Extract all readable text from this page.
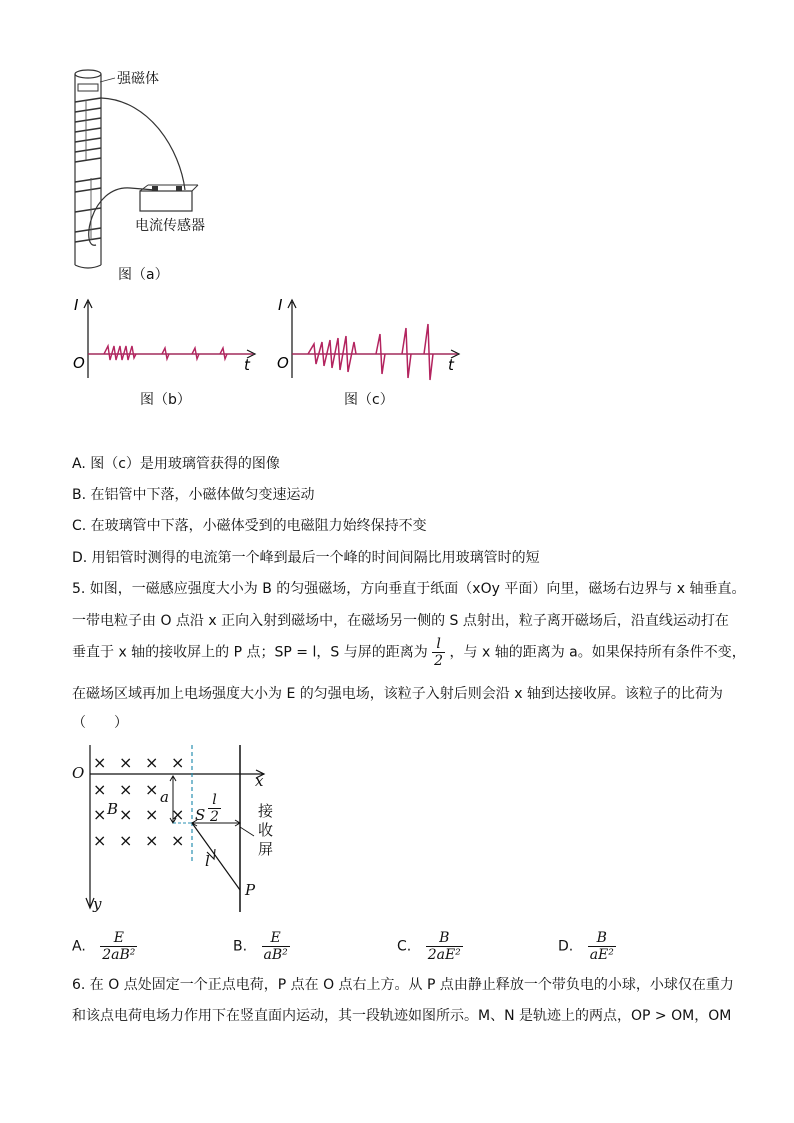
强磁体
电流传感器
图（a）
I
O	t
图（b）
I
O	t
图（c）
A. 图（c）是用玻璃管获得的图像
B. 在铝管中下落，小磁体做匀变速运动
C. 在玻璃管中下落，小磁体受到的电磁阻力始终保持不变
D. 用铝管时测得的电流第一个峰到最后一个峰的时间间隔比用玻璃管时的短
5. 如图，一磁感应强度大小为 B 的匀强磁场，方向垂直于纸面（xOy 平面）向里，磁场右边界与 x 轴垂直。
一带电粒子由 O 点沿 x 正向入射到磁场中，在磁场另一侧的 S 点射出，粒子离开磁场后，沿直线运动打在
垂直于 x 轴的接收屏上的 P 点；SP = l，S 与屏的距离为 $\frac{l}{2}$ ，与 x 轴的距离为 a。如果保持所有条件不变，
在磁场区域再加上电场强度大小为 E 的匀强电场，该粒子入射后则会沿 x 轴到达接收屏。该粒子的比荷为
（　　）
× × × ×
× × ×
× × × ×
× × × ×
O	x
y
B
a
S $\frac{l}{2}$
l
P
接
收
屏
A. $\frac{E}{\text{2aB²}}$	B. $\frac{E}{\text{aB²}}$	C. $\frac{B}{\text{2aE²}}$	D. $\frac{B}{\text{aE²}}$
6. 在 O 点处固定一个正点电荷，P 点在 O 点右上方。从 P 点由静止释放一个带负电的小球，小球仅在重力
和该点电荷电场力作用下在竖直面内运动，其一段轨迹如图所示。M、N 是轨迹上的两点，OP > OM，OM
